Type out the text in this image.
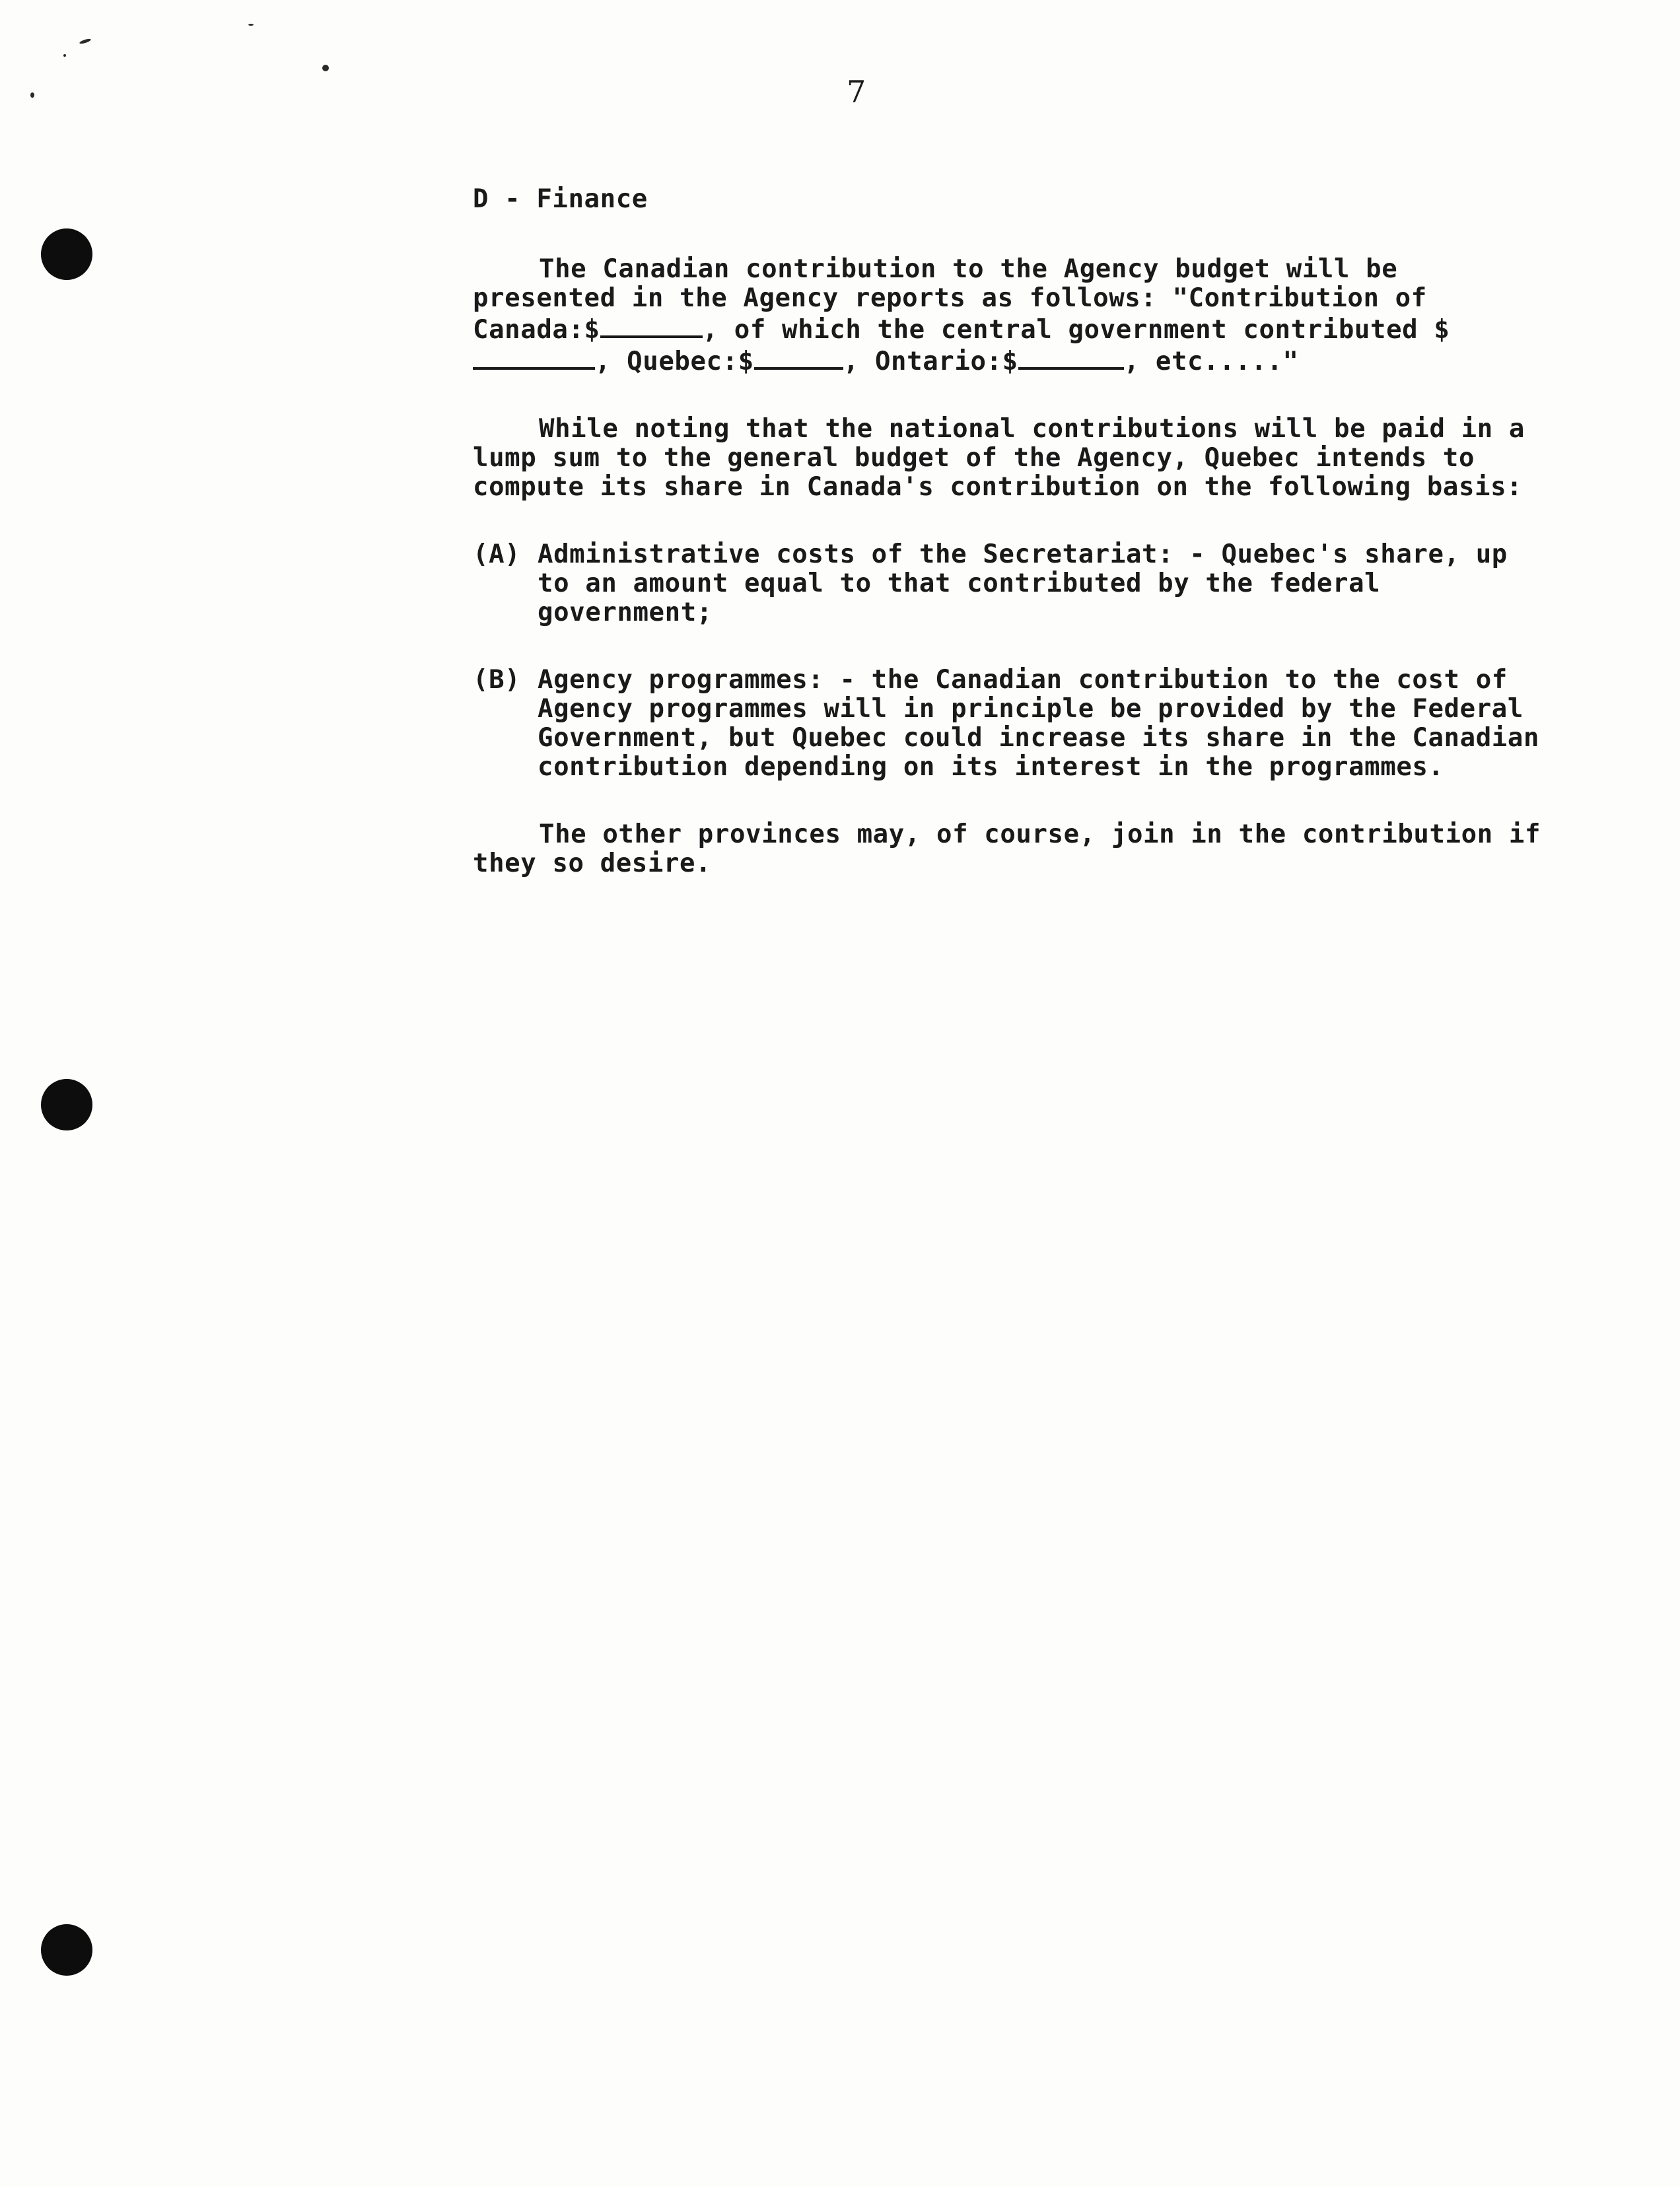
7
D - Finance

The Canadian contribution to the Agency budget will be presented in the Agency reports as follows: "Contribution of Canada:$	, of which the central government contributed $, Quebec:$	, Ontario:$	, etc....."

While noting that the national contributions will be paid in a lump sum to the general budget of the Agency, Quebec intends to compute its share in Canada's contribution on the following basis:

(A) Administrative costs of the Secretariat: - Quebec's share, up to an amount equal to that contributed by the federal government;
(B) Agency programmes: - the Canadian contribution to the cost of Agency programmes will in principle be provided by the Federal Government, but Quebec could increase its share in the Canadian contribution depending on its interest in the programmes.

The other provinces may, of course, join in the contribution if they so desire.
